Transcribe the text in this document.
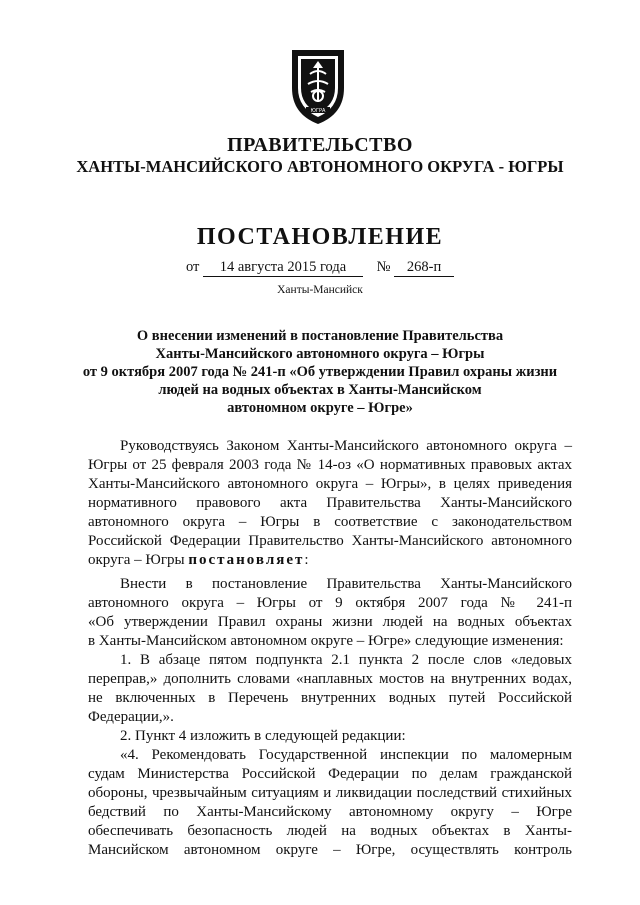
ЮГРА
ПРАВИТЕЛЬСТВО
ХАНТЫ-МАНСИЙСКОГО АВТОНОМНОГО ОКРУГА - ЮГРЫ
ПОСТАНОВЛЕНИЕ
от 14 августа 2015 года № 268-п
Ханты-Мансийск
О внесении изменений в постановление Правительства
Ханты-Мансийского автономного округа – Югры
от 9 октября 2007 года № 241-п «Об утверждении Правил охраны жизни
людей на водных объектах в Ханты-Мансийском
автономном округе – Югре»
Руководствуясь Законом Ханты-Мансийского автономного округа –
Югры от 25 февраля 2003 года № 14-оз «О нормативных правовых актах
Ханты-Мансийского автономного округа – Югры», в целях приведения
нормативного правового акта Правительства Ханты-Мансийского
автономного округа – Югры в соответствие с законодательством
Российской Федерации Правительство Ханты-Мансийского автономного
округа – Югры постановляет:
Внести в постановление Правительства Ханты-Мансийского
автономного округа – Югры от 9 октября 2007 года № 241-п
«Об утверждении Правил охраны жизни людей на водных объектах
в Ханты-Мансийском автономном округе – Югре» следующие изменения:
1. В абзаце пятом подпункта 2.1 пункта 2 после слов «ледовых
переправ,» дополнить словами «наплавных мостов на внутренних водах,
не включенных в Перечень внутренних водных путей Российской
Федерации,».
2. Пункт 4 изложить в следующей редакции:
«4. Рекомендовать Государственной инспекции по маломерным
судам Министерства Российской Федерации по делам гражданской
обороны, чрезвычайным ситуациям и ликвидации последствий стихийных
бедствий по Ханты-Мансийскому автономному округу – Югре
обеспечивать безопасность людей на водных объектах в Ханты-
Мансийском автономном округе – Югре, осуществлять контроль
